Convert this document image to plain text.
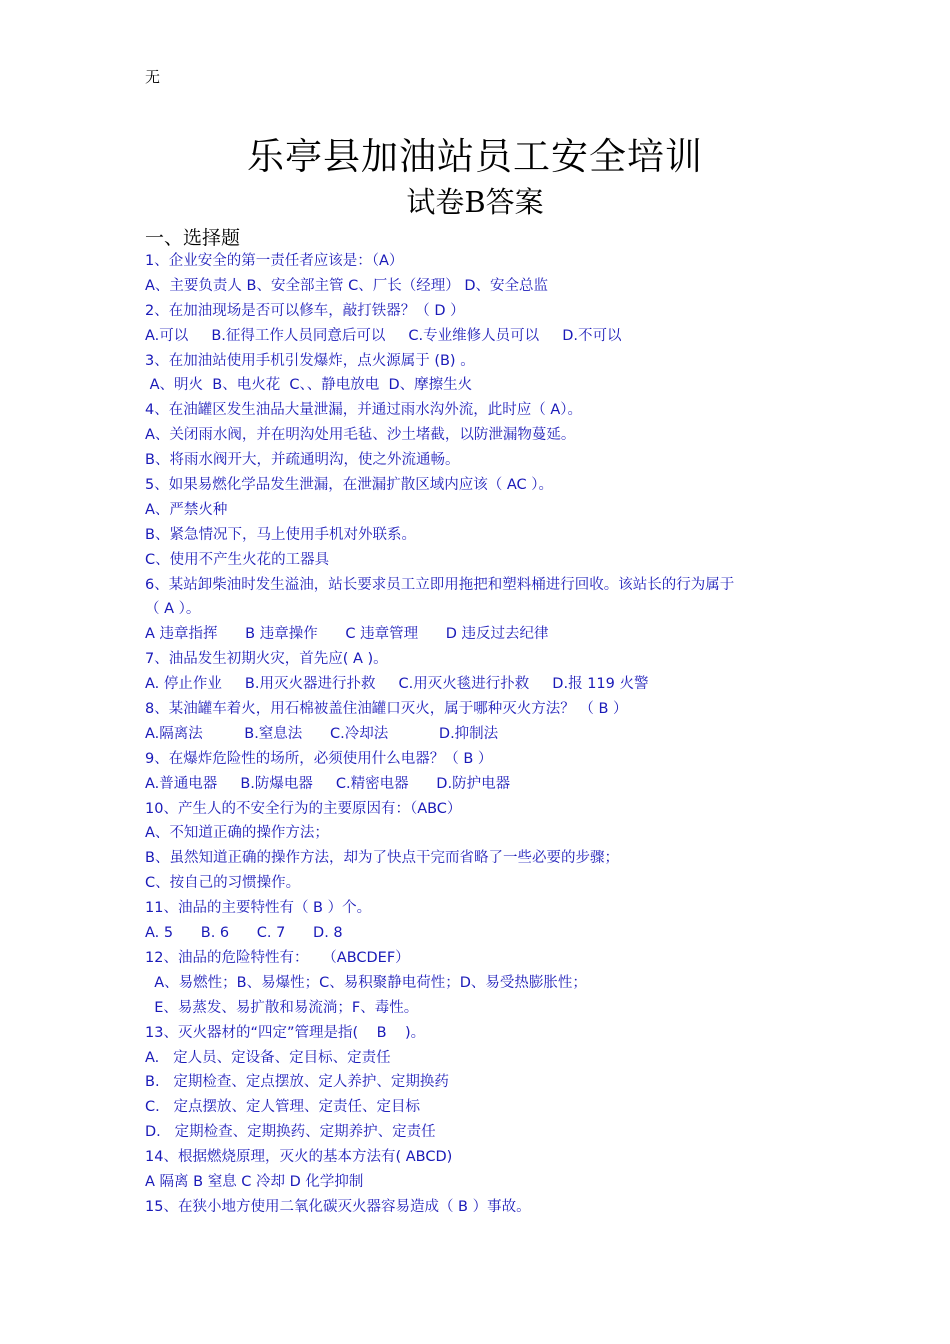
无
乐亭县加油站员工安全培训
试卷B答案
一、选择题
1、企业安全的第一责任者应该是：（A）
A、主要负责人 B、安全部主管 C、厂长（经理） D、安全总监
2、在加油现场是否可以修车，敲打铁器？（ D ）
A.可以     B.征得工作人员同意后可以     C.专业维修人员可以     D.不可以
3、在加油站使用手机引发爆炸，点火源属于 (B) 。
A、明火  B、电火花  C、、静电放电  D、摩擦生火
4、在油罐区发生油品大量泄漏，并通过雨水沟外流，此时应（ A）。
A、关闭雨水阀，并在明沟处用毛毡、沙土堵截，以防泄漏物蔓延。
B、将雨水阀开大，并疏通明沟，使之外流通畅。
5、如果易燃化学品发生泄漏，在泄漏扩散区域内应该（ AC ）。
A、严禁火种
B、紧急情况下，马上使用手机对外联系。
C、使用不产生火花的工器具
6、某站卸柴油时发生溢油，站长要求员工立即用拖把和塑料桶进行回收。该站长的行为属于
（ A ）。
A 违章指挥      B 违章操作      C 违章管理      D 违反过去纪律
7、油品发生初期火灾，首先应( A )。
A. 停止作业     B.用灭火器进行扑救     C.用灭火毯进行扑救     D.报 119 火警
8、某油罐车着火，用石棉被盖住油罐口灭火，属于哪种灭火方法？ （ B ）
A.隔离法         B.窒息法      C.冷却法           D.抑制法
9、在爆炸危险性的场所，必须使用什么电器？（ B ）
A.普通电器     B.防爆电器     C.精密电器      D.防护电器
10、产生人的不安全行为的主要原因有：（ABC）
A、不知道正确的操作方法；
B、虽然知道正确的操作方法，却为了快点干完而省略了一些必要的步骤；
C、按自己的习惯操作。
11、油品的主要特性有（ B ）个。
A. 5      B. 6      C. 7      D. 8
12、油品的危险特性有：   （ABCDEF）
A、易燃性；B、易爆性；C、易积聚静电荷性；D、易受热膨胀性；
E、易蒸发、易扩散和易流淌；F、毒性。
13、灭火器材的“四定”管理是指(    B    )。
A.   定人员、定设备、定目标、定责任
B.   定期检查、定点摆放、定人养护、定期换药
C.   定点摆放、定人管理、定责任、定目标
D.   定期检查、定期换药、定期养护、定责任
14、根据燃烧原理，灭火的基本方法有( ABCD)
A 隔离 B 窒息 C 冷却 D 化学抑制
15、在狭小地方使用二氧化碳灭火器容易造成（ B ）事故。
